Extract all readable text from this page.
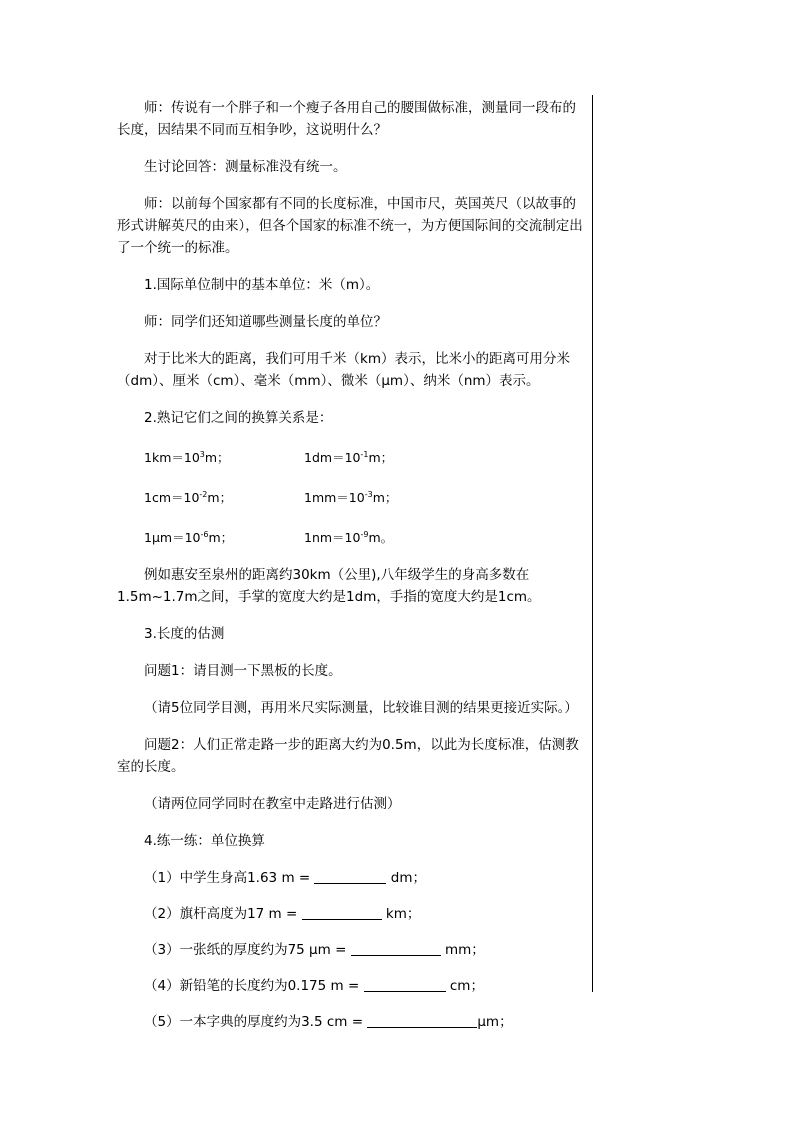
师：传说有一个胖子和一个瘦子各用自己的腰围做标准，测量同一段布的长度，因结果不同而互相争吵，这说明什么？

生讨论回答：测量标准没有统一。

师：以前每个国家都有不同的长度标准，中国市尺，英国英尺（以故事的形式讲解英尺的由来），但各个国家的标准不统一，为方便国际间的交流制定出了一个统一的标准。

1.国际单位制中的基本单位：米（m）。

师：同学们还知道哪些测量长度的单位？

对于比米大的距离，我们可用千米（km）表示，比米小的距离可用分米（dm）、厘米（cm）、毫米（mm）、微米（μm）、纳米（nm）表示。

2.熟记它们之间的换算关系是：

$1km=10^3m$；	$1dm=10^{-1}m$；
$1cm=10^{-2}m$；	$1mm=10^{-3}m$；
$1\mu m=10^{-6}m$；	$1nm=10^{-9}m$。

例如惠安至泉州的距离约30km（公里),八年级学生的身高多数在1.5m~1.7m之间，手掌的宽度大约是1dm，手指的宽度大约是1cm。

3.长度的估测

问题1：请目测一下黑板的长度。

（请5位同学目测，再用米尺实际测量，比较谁目测的结果更接近实际。）

问题2：人们正常走路一步的距离大约为0.5m，以此为长度标准，估测教室的长度。

（请两位同学同时在教室中走路进行估测）

4.练一练：单位换算

（1）中学生身高1.63 m =	dm；

（2）旗杆高度为17 m =	km；

（3）一张纸的厚度约为75 μm =	mm；

（4）新铅笔的长度约为0.175 m =	cm；

（5）一本字典的厚度约为3.5 cm =	μm；
